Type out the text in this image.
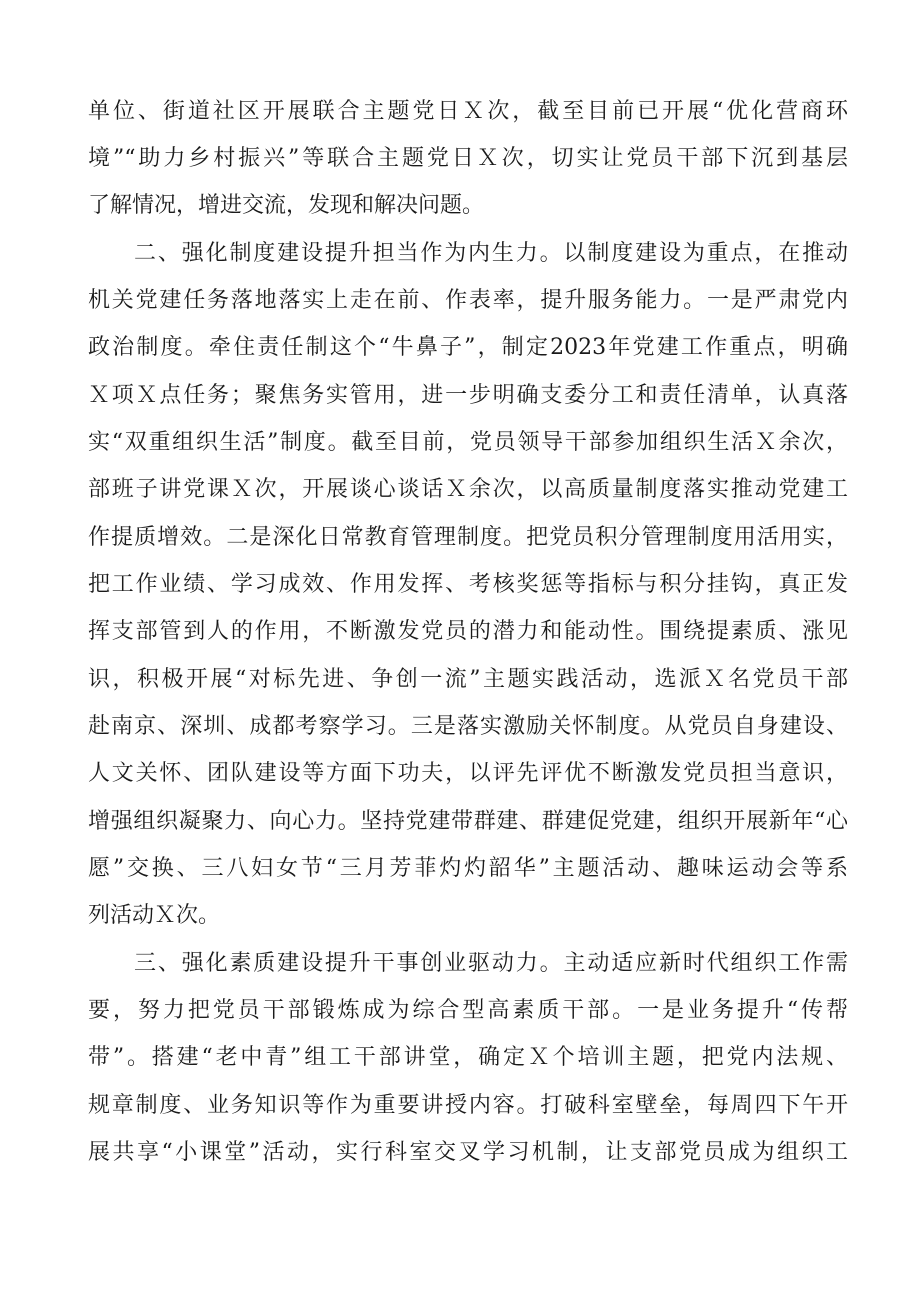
单位、街道社区开展联合主题党日Ｘ次，截至目前已开展“优化营商环
境”“助力乡村振兴”等联合主题党日Ｘ次，切实让党员干部下沉到基层
了解情况，增进交流，发现和解决问题。
二、强化制度建设提升担当作为内生力。以制度建设为重点，在推动
机关党建任务落地落实上走在前、作表率，提升服务能力。一是严肃党内
政治制度。牵住责任制这个“牛鼻子”，制定2023年党建工作重点，明确
Ｘ项Ｘ点任务；聚焦务实管用，进一步明确支委分工和责任清单，认真落
实“双重组织生活”制度。截至目前，党员领导干部参加组织生活Ｘ余次，
部班子讲党课Ｘ次，开展谈心谈话Ｘ余次，以高质量制度落实推动党建工
作提质增效。二是深化日常教育管理制度。把党员积分管理制度用活用实，
把工作业绩、学习成效、作用发挥、考核奖惩等指标与积分挂钩，真正发
挥支部管到人的作用，不断激发党员的潜力和能动性。围绕提素质、涨见
识，积极开展“对标先进、争创一流”主题实践活动，选派Ｘ名党员干部
赴南京、深圳、成都考察学习。三是落实激励关怀制度。从党员自身建设、
人文关怀、团队建设等方面下功夫，以评先评优不断激发党员担当意识，
增强组织凝聚力、向心力。坚持党建带群建、群建促党建，组织开展新年“心
愿”交换、三八妇女节“三月芳菲灼灼韶华”主题活动、趣味运动会等系
列活动Ｘ次。
三、强化素质建设提升干事创业驱动力。主动适应新时代组织工作需
要，努力把党员干部锻炼成为综合型高素质干部。一是业务提升“传帮
带”。搭建“老中青”组工干部讲堂，确定Ｘ个培训主题，把党内法规、
规章制度、业务知识等作为重要讲授内容。打破科室壁垒，每周四下午开
展共享“小课堂”活动，实行科室交叉学习机制，让支部党员成为组织工
